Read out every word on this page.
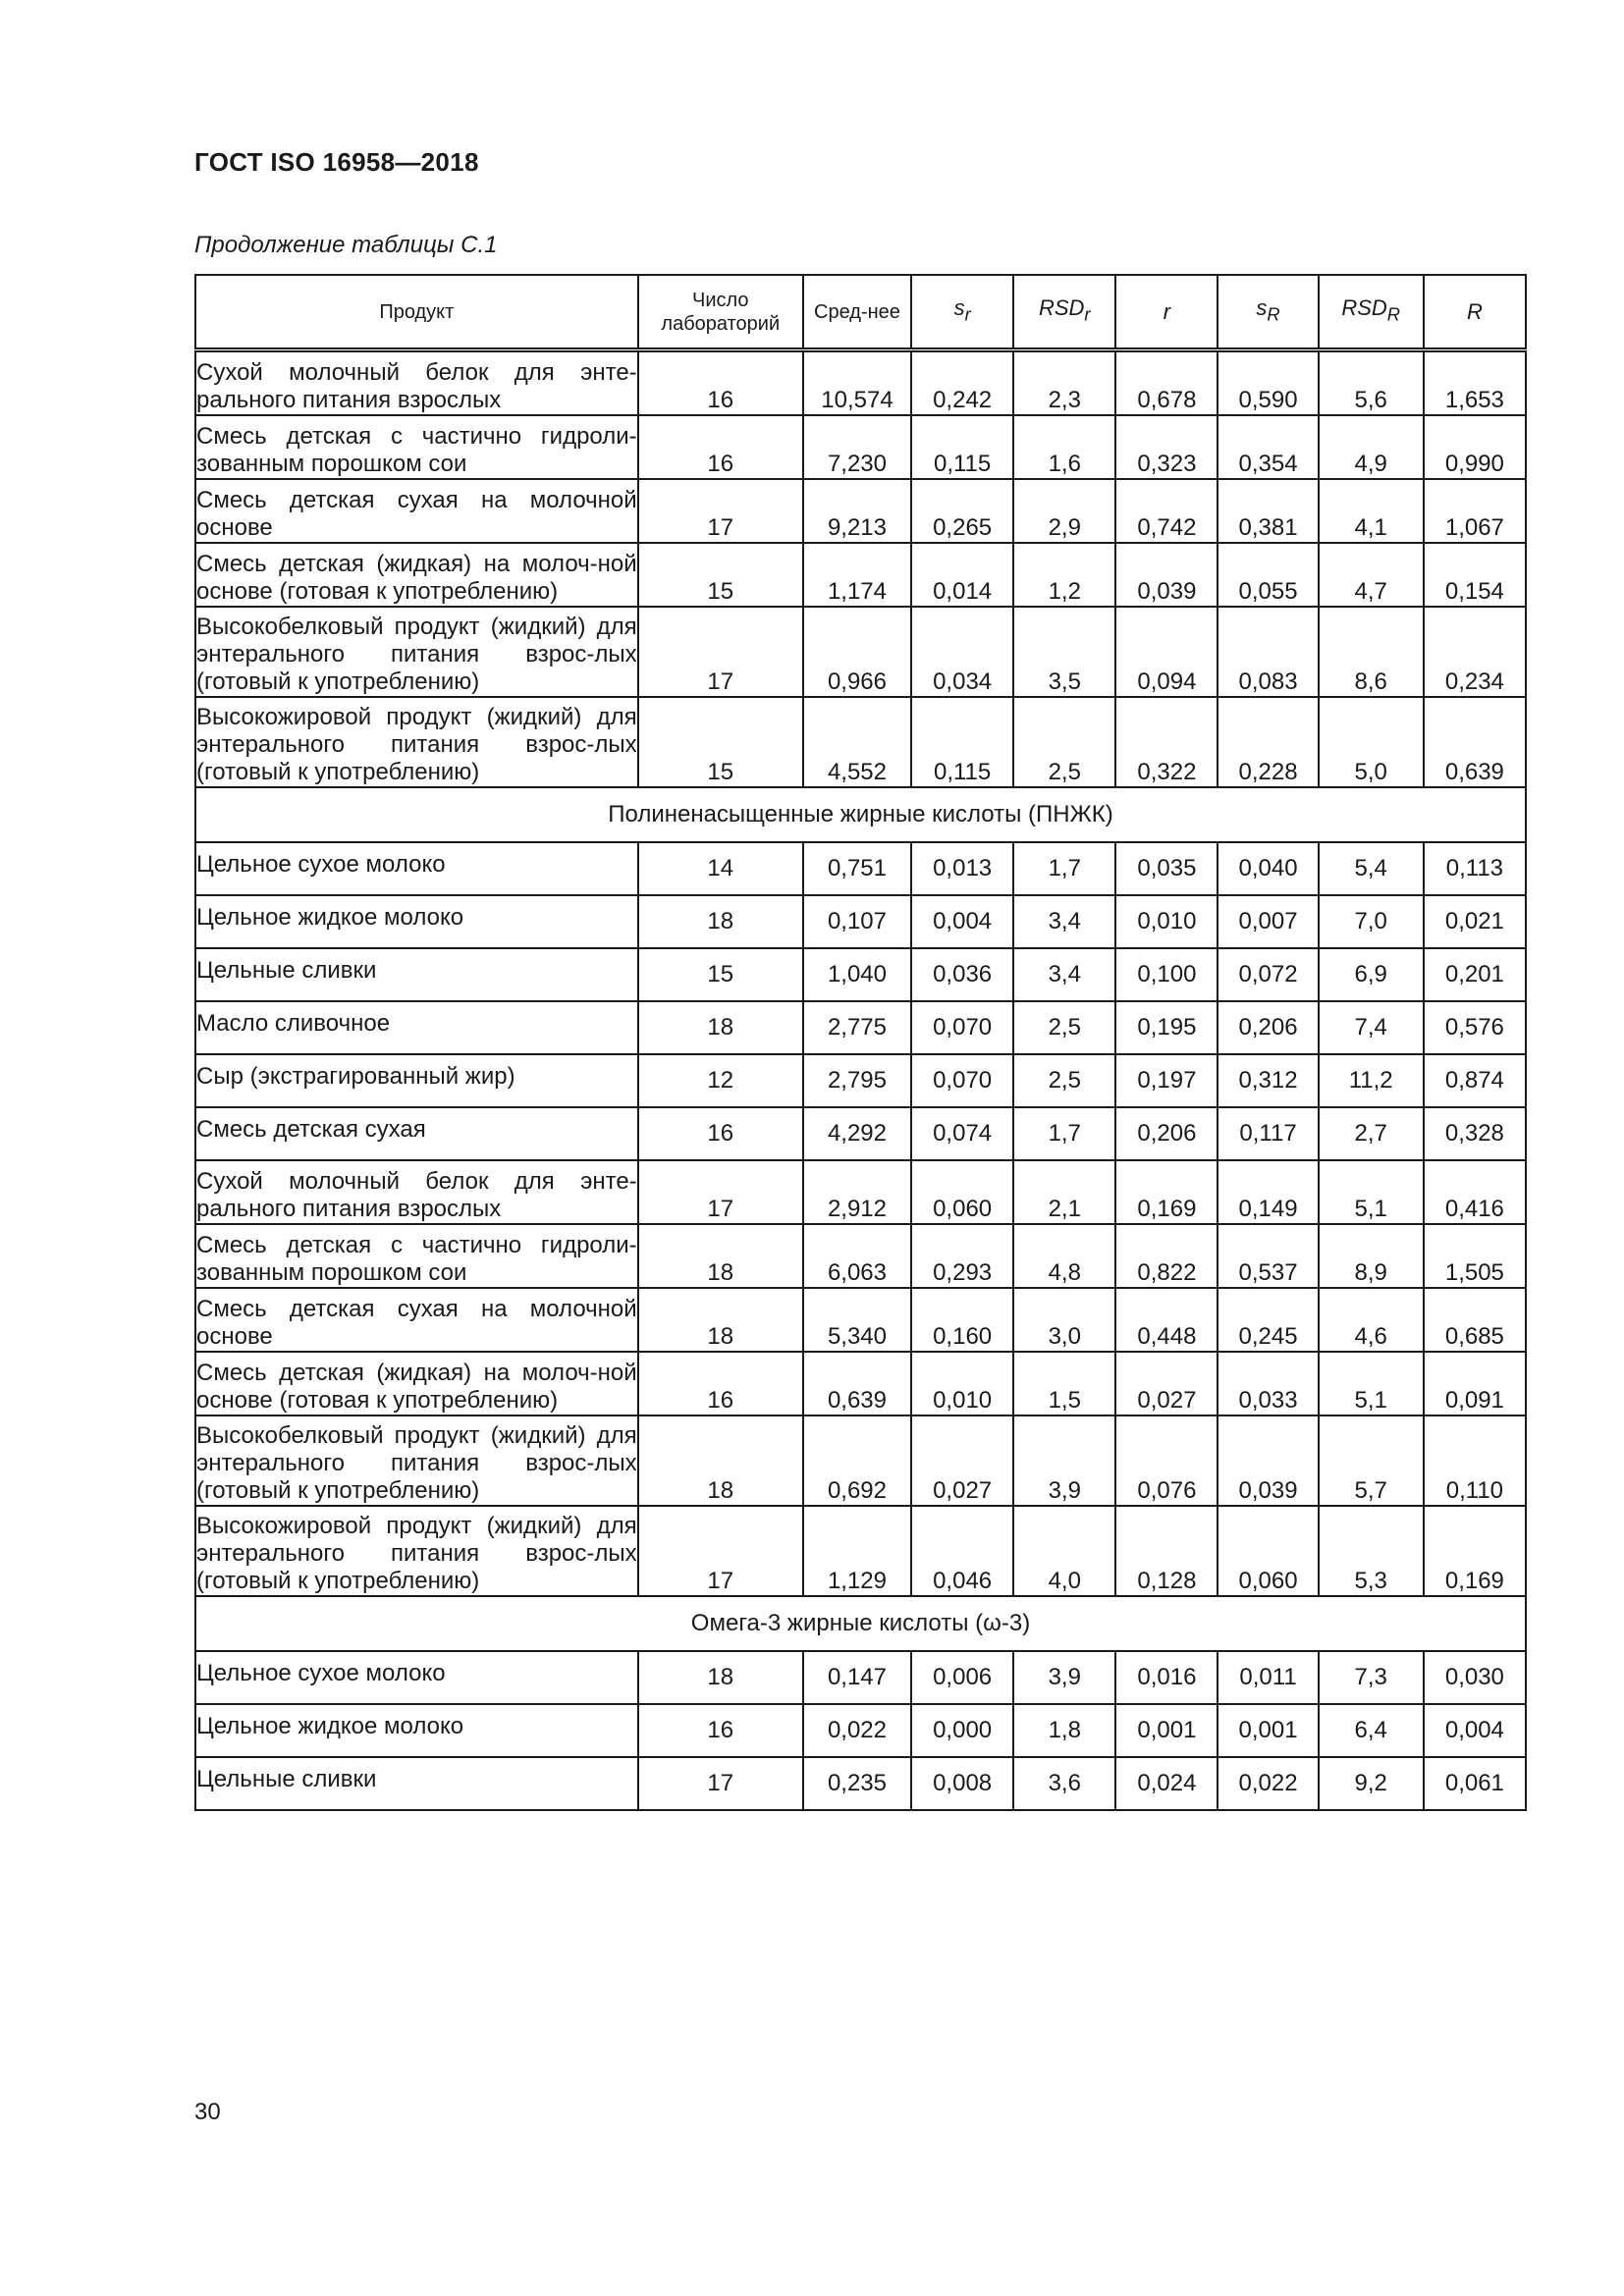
ГОСТ ISO 16958—2018
Продолжение таблицы С.1
Продукт	Число лабораторий	Сред-нее	$s_r$	$RSD_r$	r	$s_R$	$RSD_R$	R
Сухой молочный белок для энте-рального питания взрослых	16	10,574	0,242	2,3	0,678	0,590	5,6	1,653
Смесь детская с частично гидроли-зованным порошком сои	16	7,230	0,115	1,6	0,323	0,354	4,9	0,990
Смесь детская сухая на молочной основе	17	9,213	0,265	2,9	0,742	0,381	4,1	1,067
Смесь детская (жидкая) на молоч-ной основе (готовая к употреблению)	15	1,174	0,014	1,2	0,039	0,055	4,7	0,154
Высокобелковый продукт (жидкий) для энтерального питания взрос-лых (готовый к употреблению)	17	0,966	0,034	3,5	0,094	0,083	8,6	0,234
Высокожировой продукт (жидкий) для энтерального питания взрос-лых (готовый к употреблению)	15	4,552	0,115	2,5	0,322	0,228	5,0	0,639
Полиненасыщенные жирные кислоты (ПНЖК)								
Цельное сухое молоко	14	0,751	0,013	1,7	0,035	0,040	5,4	0,113
Цельное жидкое молоко	18	0,107	0,004	3,4	0,010	0,007	7,0	0,021
Цельные сливки	15	1,040	0,036	3,4	0,100	0,072	6,9	0,201
Масло сливочное	18	2,775	0,070	2,5	0,195	0,206	7,4	0,576
Сыр (экстрагированный жир)	12	2,795	0,070	2,5	0,197	0,312	11,2	0,874
Смесь детская сухая	16	4,292	0,074	1,7	0,206	0,117	2,7	0,328
Сухой молочный белок для энте-рального питания взрослых	17	2,912	0,060	2,1	0,169	0,149	5,1	0,416
Смесь детская с частично гидроли-зованным порошком сои	18	6,063	0,293	4,8	0,822	0,537	8,9	1,505
Смесь детская сухая на молочной основе	18	5,340	0,160	3,0	0,448	0,245	4,6	0,685
Смесь детская (жидкая) на молоч-ной основе (готовая к употреблению)	16	0,639	0,010	1,5	0,027	0,033	5,1	0,091
Высокобелковый продукт (жидкий) для энтерального питания взрос-лых (готовый к употреблению)	18	0,692	0,027	3,9	0,076	0,039	5,7	0,110
Высокожировой продукт (жидкий) для энтерального питания взрос-лых (готовый к употреблению)	17	1,129	0,046	4,0	0,128	0,060	5,3	0,169
Омега-3 жирные кислоты (ω-3)								
Цельное сухое молоко	18	0,147	0,006	3,9	0,016	0,011	7,3	0,030
Цельное жидкое молоко	16	0,022	0,000	1,8	0,001	0,001	6,4	0,004
Цельные сливки	17	0,235	0,008	3,6	0,024	0,022	9,2	0,061
30
